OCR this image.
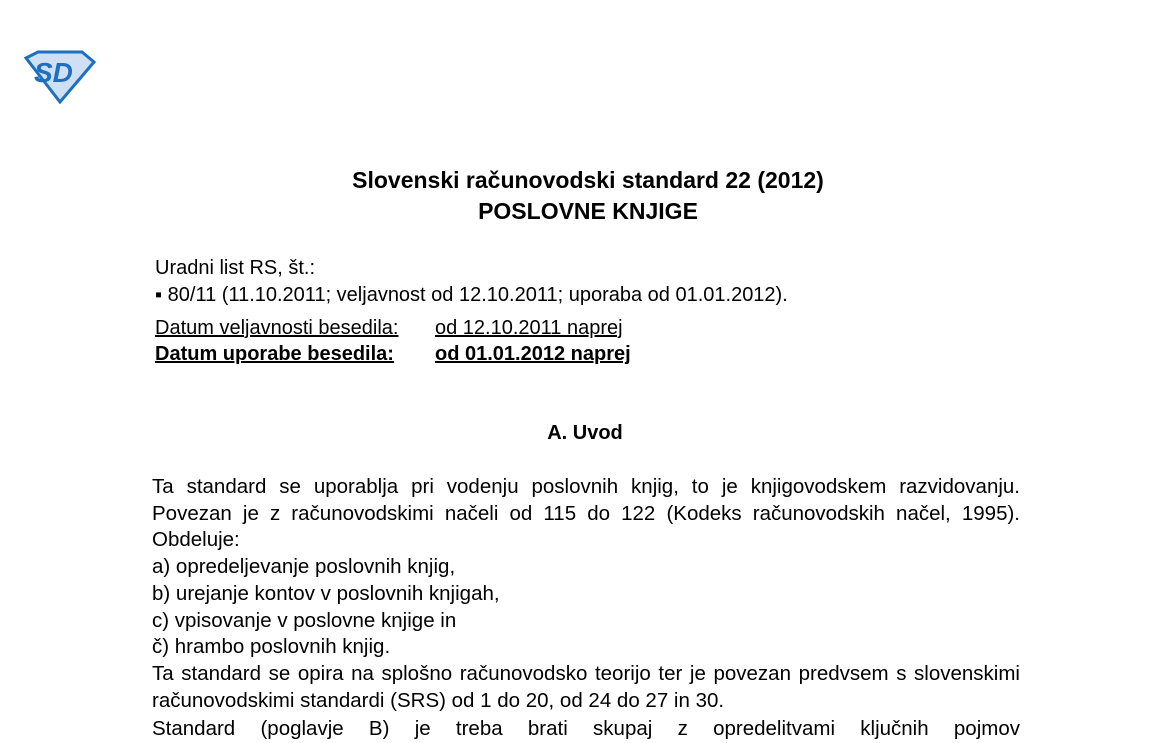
SD
Slovenski računovodski standard 22 (2012)
POSLOVNE KNJIGE
Uradni list RS, št.:
▪ 80/11 (11.10.2011; veljavnost od 12.10.2011; uporaba od 01.01.2012).
Datum veljavnosti besedila: od 12.10.2011 naprej
Datum uporabe besedila: od 01.01.2012 naprej
A. Uvod

Ta standard se uporablja pri vodenju poslovnih knjig, to je knjigovodskem razvidovanju. Povezan je z računovodskimi načeli od 115 do 122 (Kodeks računovodskih načel, 1995). Obdeluje:

a) opredeljevanje poslovnih knjig,

b) urejanje kontov v poslovnih knjigah,

c) vpisovanje v poslovne knjige in

č) hrambo poslovnih knjig.

Ta standard se opira na splošno računovodsko teorijo ter je povezan predvsem s slovenskimi računovodskimi standardi (SRS) od 1 do 20, od 24 do 27 in 30.

Standard (poglavje B) je treba brati skupaj z opredelitvami ključnih pojmov
